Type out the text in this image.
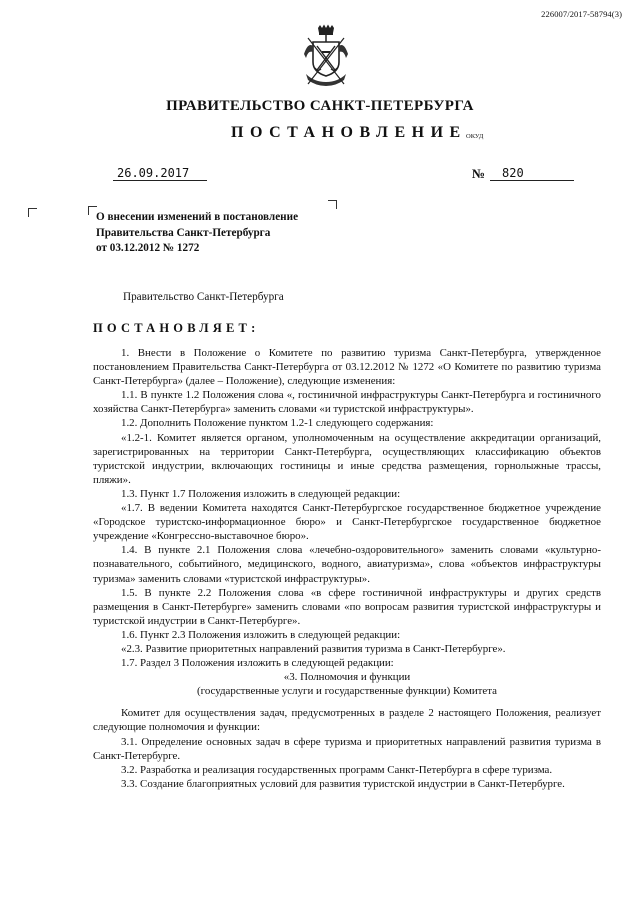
226007/2017-58794(3)
ПРАВИТЕЛЬСТВО САНКТ-ПЕТЕРБУРГА
ПОСТАНОВЛЕНИЕ ОКУД
26.09.2017	№	820
О внесении изменений в постановление
Правительства Санкт-Петербурга
от 03.12.2012 № 1272
Правительство Санкт-Петербурга
ПОСТАНОВЛЯЕТ:

1. Внести в Положение о Комитете по развитию туризма Санкт-Петербурга, утвержденное постановлением Правительства Санкт-Петербурга от 03.12.2012 № 1272 «О Комитете по развитию туризма Санкт-Петербурга» (далее – Положение), следующие изменения:

1.1. В пункте 1.2 Положения слова «, гостиничной инфраструктуры Санкт-Петербурга и гостиничного хозяйства Санкт-Петербурга» заменить словами «и туристской инфраструктуры».

1.2. Дополнить Положение пунктом 1.2-1 следующего содержания:

«1.2-1. Комитет является органом, уполномоченным на осуществление аккредитации организаций, зарегистрированных на территории Санкт-Петербурга, осуществляющих классификацию объектов туристской индустрии, включающих гостиницы и иные средства размещения, горнолыжные трассы, пляжи».

1.3. Пункт 1.7 Положения изложить в следующей редакции:

«1.7. В ведении Комитета находятся Санкт-Петербургское государственное бюджетное учреждение «Городское туристско-информационное бюро» и Санкт-Петербургское государственное бюджетное учреждение «Конгрессно-выставочное бюро».

1.4. В пункте 2.1 Положения слова «лечебно-оздоровительного» заменить словами «культурно-познавательного, событийного, медицинского, водного, авиатуризма», слова «объектов инфраструктуры туризма» заменить словами «туристской инфраструктуры».

1.5. В пункте 2.2 Положения слова «в сфере гостиничной инфраструктуры и других средств размещения в Санкт-Петербурге» заменить словами «по вопросам развития туристской инфраструктуры и туристской индустрии в Санкт-Петербурге».

1.6. Пункт 2.3 Положения изложить в следующей редакции:

«2.3. Развитие приоритетных направлений развития туризма в Санкт-Петербурге».

1.7. Раздел 3 Положения изложить в следующей редакции:

«3. Полномочия и функции

(государственные услуги и государственные функции) Комитета

Комитет для осуществления задач, предусмотренных в разделе 2 настоящего Положения, реализует следующие полномочия и функции:

3.1. Определение основных задач в сфере туризма и приоритетных направлений развития туризма в Санкт-Петербурге.

3.2. Разработка и реализация государственных программ Санкт-Петербурга в сфере туризма.

3.3. Создание благоприятных условий для развития туристской индустрии в Санкт-Петербурге.
